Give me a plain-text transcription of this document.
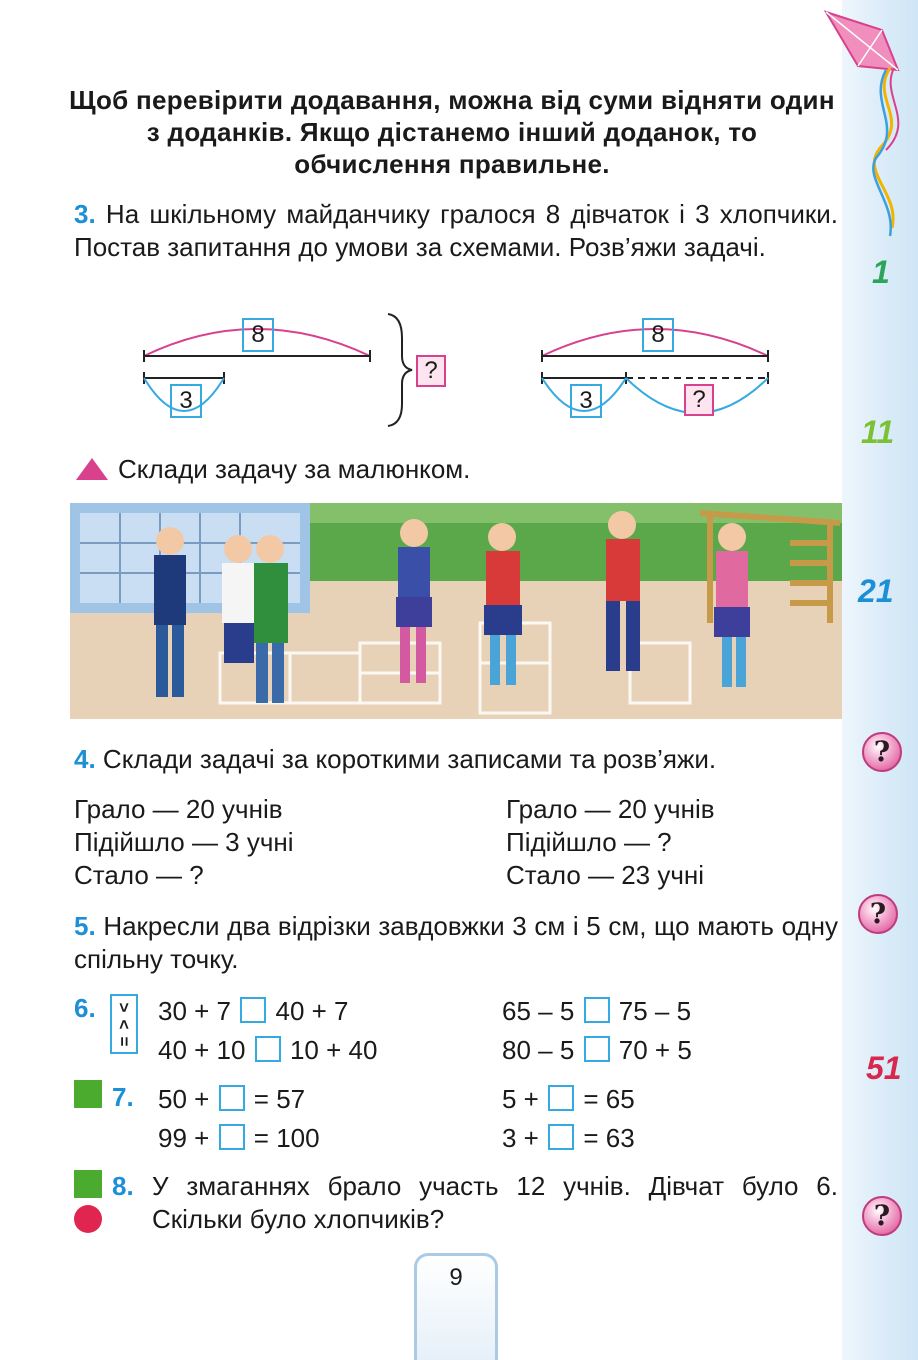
1
11
21
51
?
?
?
Щоб перевірити додавання, можна від суми відняти один з доданків. Якщо дістанемо інший доданок, то обчислення правильне.
3. На шкільному майданчику гралося 8 дівчаток і 3 хлопчики. Постав запитання до умови за схемами. Розв’яжи задачі.
8
3
?
8
3	?
Склади задачу за малюнком.
4. Склади задачі за короткими записами та розв’яжи.
Грало — 20 учнів
Підійшло — 3 учні
Стало — ?
Грало — 20 учнів
Підійшло — ?
Стало — 23 учні
5. Накресли два відрізки завдовжки 3 см і 5 см, що мають одну спільну точку.
6. >
<
=
30 + 7 40 + 7
40 + 10 10 + 40
65 – 5 75 – 5
80 – 5 70 + 5
7. 50 + = 57
99 + = 100
5 + = 65
3 + = 63
8. У змаганнях брало участь 12 учнів. Дівчат було 6. Скільки було хлопчиків?
9
